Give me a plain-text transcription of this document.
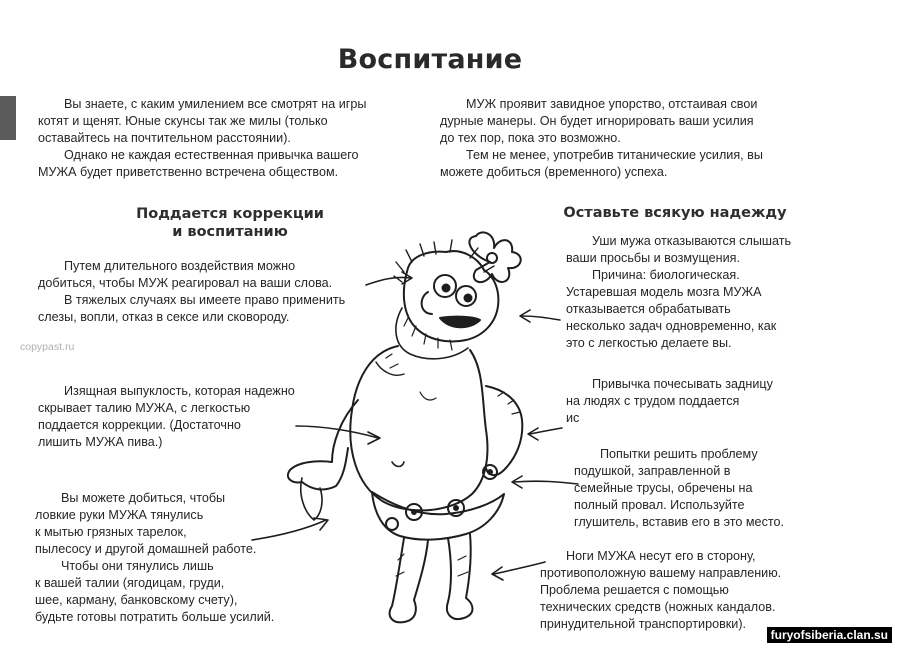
Воспитание
Вы знаете, с каким умилением все смотрят на игры
котят и щенят. Юные скунсы так же милы (только
оставайтесь на почтительном расстоянии).
Однако не каждая естественная привычка вашего
МУЖА будет приветственно встречена обществом.
МУЖ проявит завидное упорство, отстаивая свои
дурные манеры. Он будет игнорировать ваши усилия
до тех пор, пока это возможно.
Тем не менее, употребив титанические усилия, вы
можете добиться (временного) успеха.
Поддается коррекции
и воспитанию
Оставьте всякую надежду
Путем длительного воздействия можно
добиться, чтобы МУЖ реагировал на ваши слова.
В тяжелых случаях вы имеете право применить
слезы, вопли, отказ в сексе или сковороду.
Изящная выпуклость, которая надежно
скрывает талию МУЖА, с легкостью
поддается коррекции. (Достаточно
лишить МУЖА пива.)
Вы можете добиться, чтобы
ловкие руки МУЖА тянулись
к мытью грязных тарелок,
пылесосу и другой домашней работе.
Чтобы они тянулись лишь
к вашей талии (ягодицам, груди,
шее, карману, банковскому счету),
будьте готовы потратить больше усилий.
Уши мужа отказываются слышать
ваши просьбы и возмущения.
Причина: биологическая.
Устаревшая модель мозга МУЖА
отказывается обрабатывать
несколько задач одновременно, как
это с легкостью делаете вы.
Привычка почесывать задницу
на людях с трудом поддается
ис
Попытки решить проблему
подушкой, заправленной в
семейные трусы, обречены на
полный провал. Используйте
глушитель, вставив его в это место.
Ноги МУЖА несут его в сторону,
противоположную вашему направлению.
Проблема решается с помощью
технических средств (ножных кандалов.
принудительной транспортировки).
copypast.ru
furyofsiberia.clan.su
